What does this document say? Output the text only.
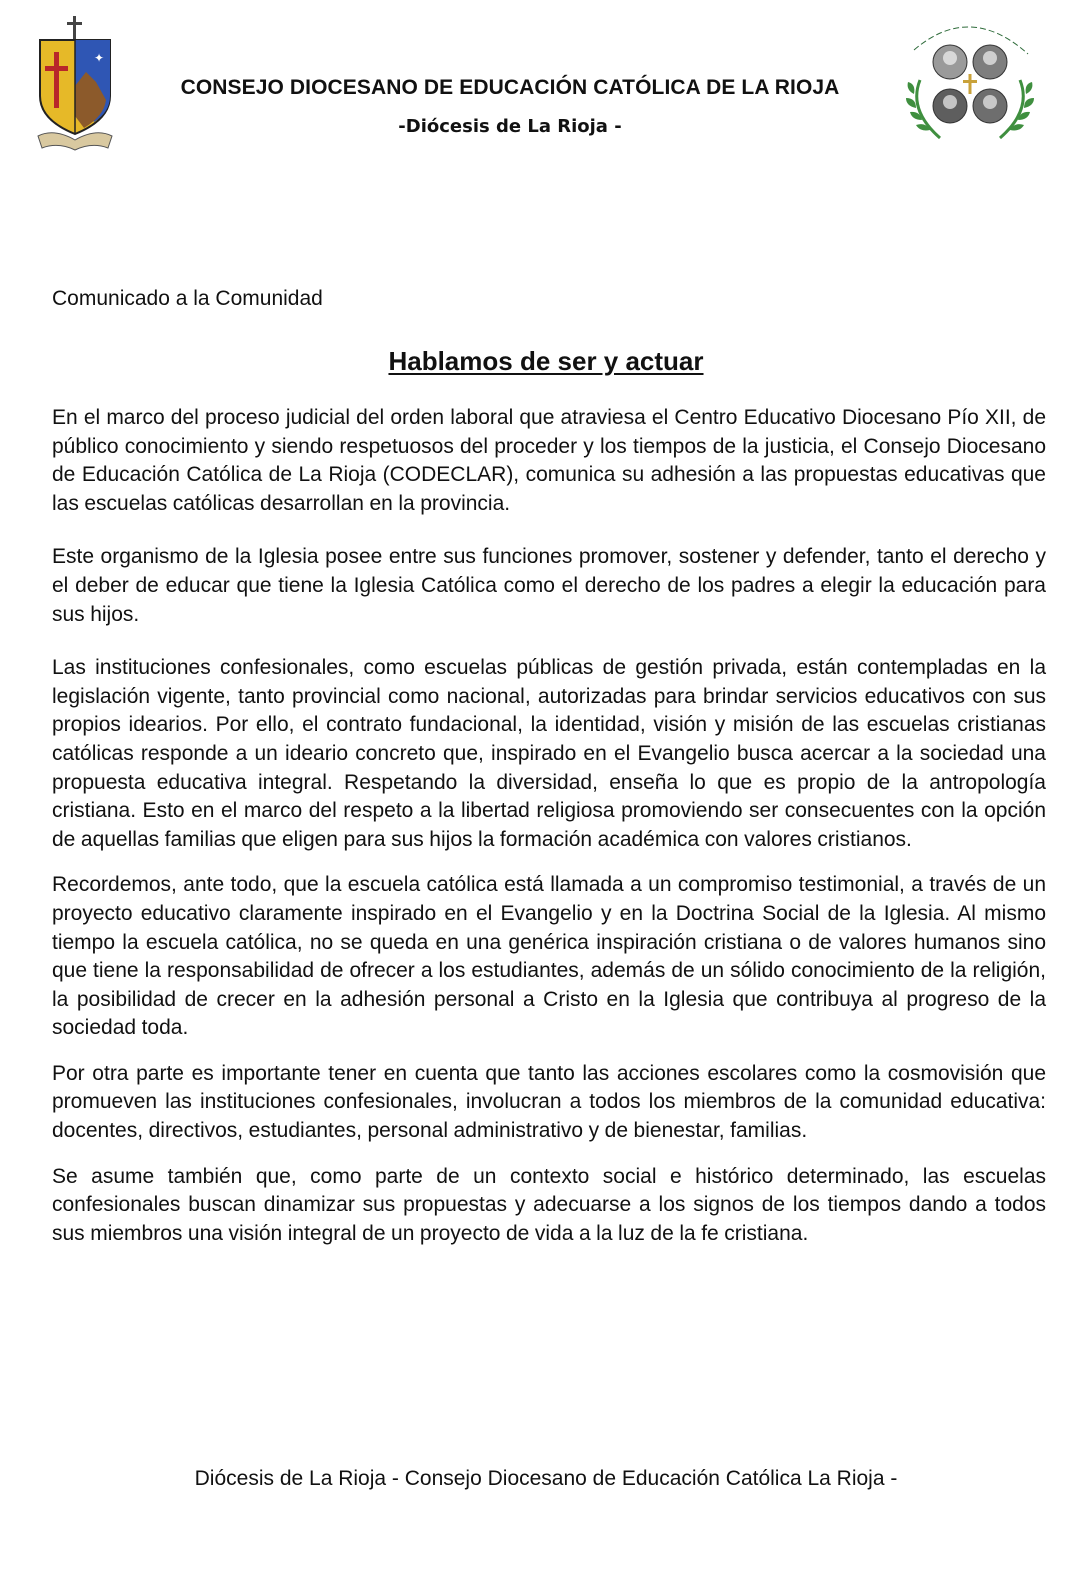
✦
CONSEJO DIOCESANO DE EDUCACIÓN CATÓLICA DE LA RIOJA
-Diócesis de La Rioja -
Comunicado a la Comunidad
Hablamos de ser y actuar

En el marco del proceso judicial del orden laboral que atraviesa el Centro Educativo Diocesano Pío XII, de público conocimiento y siendo respetuosos del proceder y los tiempos de la justicia, el Consejo Diocesano de Educación Católica de La Rioja (CODECLAR), comunica su adhesión a las propuestas educativas que las escuelas católicas desarrollan en la provincia.

Este organismo de la Iglesia posee entre sus funciones promover, sostener y defender, tanto el derecho y el deber de educar que tiene la Iglesia Católica como el derecho de los padres a elegir la educación para sus hijos.

Las instituciones confesionales, como escuelas públicas de gestión privada, están contempladas en la legislación vigente, tanto provincial como nacional, autorizadas para brindar servicios educativos con sus propios idearios. Por ello, el contrato fundacional, la identidad, visión y misión de las escuelas cristianas católicas responde a un ideario concreto que, inspirado en el Evangelio busca acercar a la sociedad una propuesta educativa integral. Respetando la diversidad, enseña lo que es propio de la antropología cristiana. Esto en el marco del respeto a la libertad religiosa promoviendo ser consecuentes con la opción de aquellas familias que eligen para sus hijos la formación académica con valores cristianos.

Recordemos, ante todo, que la escuela católica está llamada a un compromiso testimonial, a través de un proyecto educativo claramente inspirado en el Evangelio y en la Doctrina Social de la Iglesia. Al mismo tiempo la escuela católica, no se queda en una genérica inspiración cristiana o de valores humanos sino que tiene la responsabilidad de ofrecer a los estudiantes, además de un sólido conocimiento de la religión, la posibilidad de crecer en la adhesión personal a Cristo en la Iglesia que contribuya al progreso de la sociedad toda.

Por otra parte es importante tener en cuenta que tanto las acciones escolares como la cosmovisión que promueven las instituciones confesionales, involucran a todos los miembros de la comunidad educativa: docentes, directivos, estudiantes, personal administrativo y de bienestar, familias.

Se asume también que, como parte de un contexto social e histórico determinado, las escuelas confesionales buscan dinamizar sus propuestas y adecuarse a los signos de los tiempos dando a todos sus miembros una visión integral de un proyecto de vida a la luz de la fe cristiana.

Diócesis de La Rioja - Consejo Diocesano de Educación Católica La Rioja -
